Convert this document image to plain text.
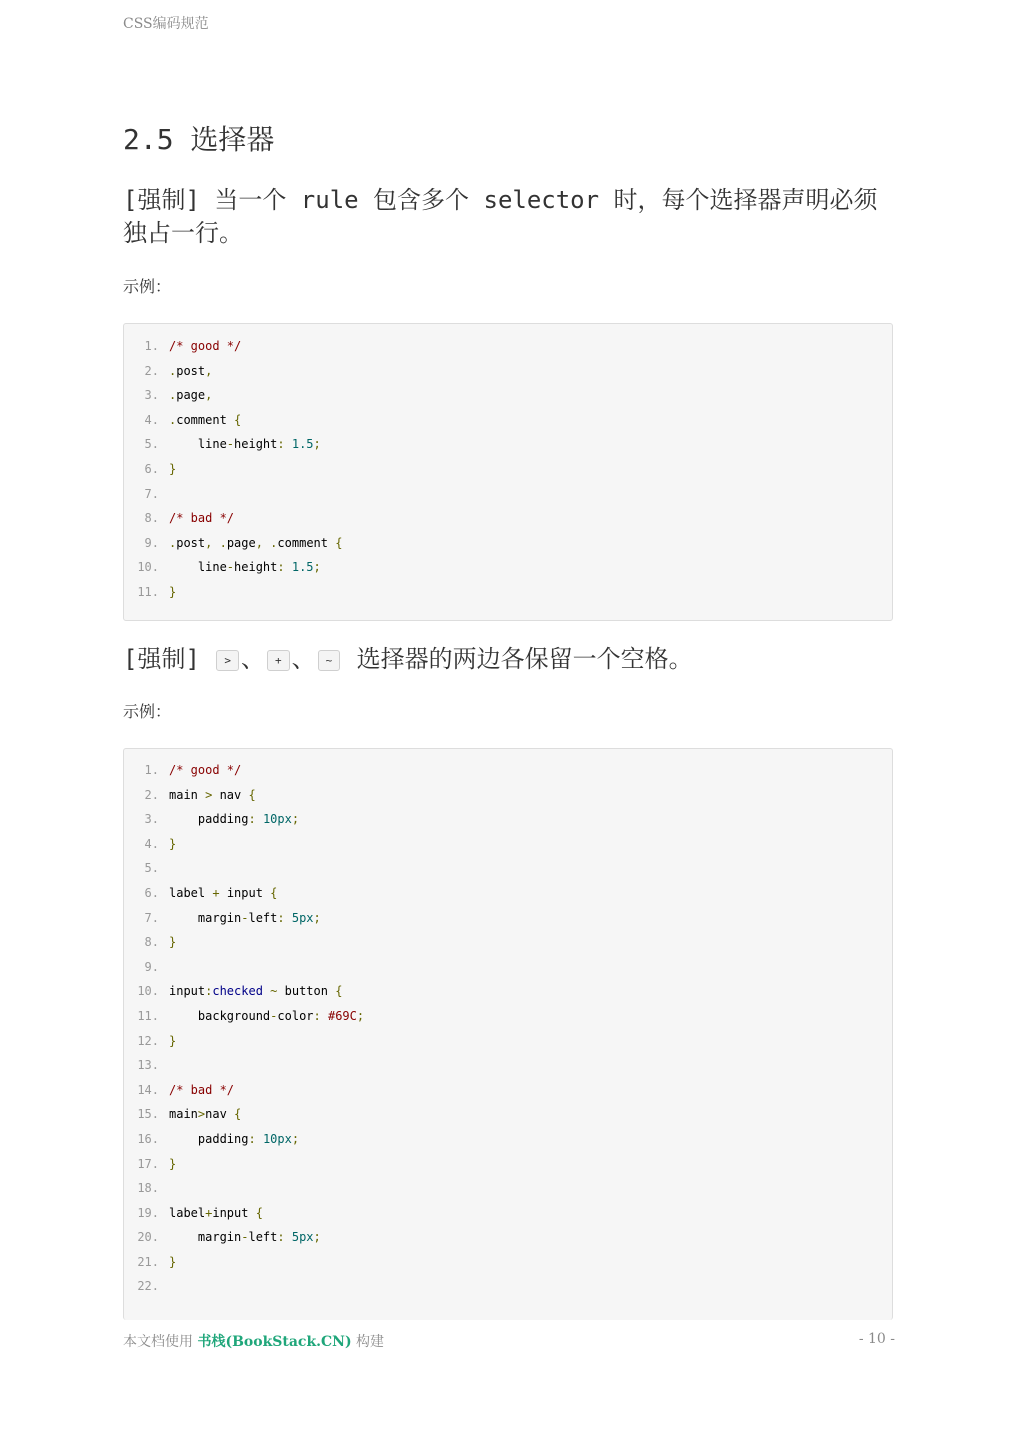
CSS编码规范
2.5 选择器
[强制] 当一个 rule 包含多个 selector 时，每个选择器声明必须独占一行。
示例：
1. /* good */
2. .post,
3. .page,
4. .comment {
5.    line-height: 1.5;
6. }
7.
8. /* bad */
9. .post, .page, .comment {
10.    line-height: 1.5;
11. }
[强制] > 、 + 、 ~ 选择器的两边各保留一个空格。
示例：
1. /* good */
2. main > nav {
3.    padding: 10px;
4. }
5.
6. label + input {
7.    margin-left: 5px;
8. }
9.
10. input:checked ~ button {
11.    background-color: #69C;
12. }
13.
14. /* bad */
15. main>nav {
16.    padding: 10px;
17. }
18.
19. label+input {
20.    margin-left: 5px;
21. }
22.
本文档使用 书栈(BookStack.CN) 构建	- 10 -
